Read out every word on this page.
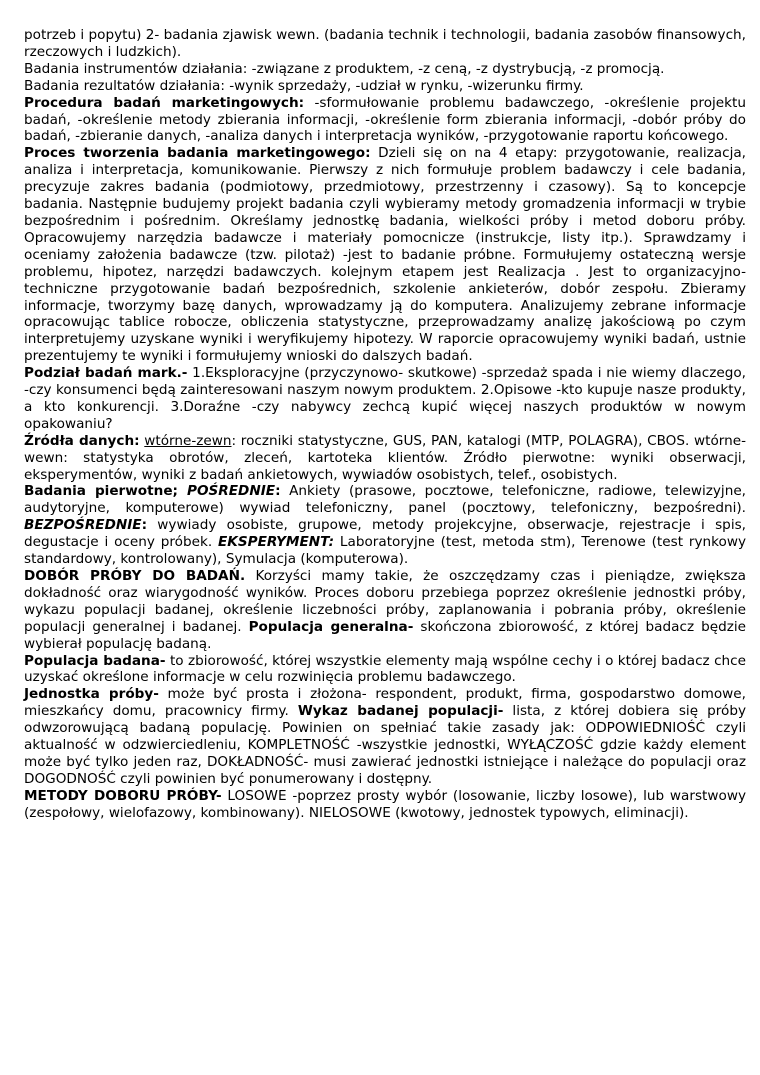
potrzeb i popytu) 2- badania zjawisk wewn. (badania technik i technologii, badania zasobów finansowych, rzeczowych i ludzkich).

Badania instrumentów działania: -związane z produktem, -z ceną, -z dystrybucją, -z promocją.

Badania rezultatów działania: -wynik sprzedaży, -udział w rynku, -wizerunku firmy.

Procedura badań marketingowych: -sformułowanie problemu badawczego, -określenie projektu badań, -określenie metody zbierania informacji, -określenie form zbierania informacji, -dobór próby do badań, -zbieranie danych, -analiza danych i interpretacja wyników, -przygotowanie raportu końcowego.

Proces tworzenia badania marketingowego: Dzieli się on na 4 etapy: przygotowanie, realizacja, analiza i interpretacja, komunikowanie. Pierwszy z nich formułuje problem badawczy i cele badania, precyzuje zakres badania (podmiotowy, przedmiotowy, przestrzenny i czasowy). Są to koncepcje badania. Następnie budujemy projekt badania czyli wybieramy metody gromadzenia informacji w trybie bezpośrednim i pośrednim. Określamy jednostkę badania, wielkości próby i metod doboru próby. Opracowujemy narzędzia badawcze i materiały pomocnicze (instrukcje, listy itp.). Sprawdzamy i oceniamy założenia badawcze (tzw. pilotaż) -jest to badanie próbne. Formułujemy ostateczną wersje problemu, hipotez, narzędzi badawczych. kolejnym etapem jest Realizacja . Jest to organizacyjno-techniczne przygotowanie badań bezpośrednich, szkolenie ankieterów, dobór zespołu. Zbieramy informacje, tworzymy bazę danych, wprowadzamy ją do komputera. Analizujemy zebrane informacje opracowując tablice robocze, obliczenia statystyczne, przeprowadzamy analizę jakościową po czym interpretujemy uzyskane wyniki i weryfikujemy hipotezy. W raporcie opracowujemy wyniki badań, ustnie prezentujemy te wyniki i formułujemy wnioski do dalszych badań.

Podział badań mark.- 1.Eksploracyjne (przyczynowo- skutkowe) -sprzedaż spada i nie wiemy dlaczego, -czy konsumenci będą zainteresowani naszym nowym produktem. 2.Opisowe -kto kupuje nasze produkty, a kto konkurencji. 3.Doraźne -czy nabywcy zechcą kupić więcej naszych produktów w nowym opakowaniu?

Źródła danych: wtórne-zewn: roczniki statystyczne, GUS, PAN, katalogi (MTP, POLAGRA), CBOS. wtórne-wewn: statystyka obrotów, zleceń, kartoteka klientów. Źródło pierwotne: wyniki obserwacji, eksperymentów, wyniki z badań ankietowych, wywiadów osobistych, telef., osobistych.

Badania pierwotne; POŚREDNIE: Ankiety (prasowe, pocztowe, telefoniczne, radiowe, telewizyjne, audytoryjne, komputerowe) wywiad telefoniczny, panel (pocztowy, telefoniczny, bezpośredni). BEZPOŚREDNIE: wywiady osobiste, grupowe, metody projekcyjne, obserwacje, rejestracje i spis, degustacje i oceny próbek. EKSPERYMENT: Laboratoryjne (test, metoda stm), Terenowe (test rynkowy standardowy, kontrolowany), Symulacja (komputerowa).

DOBÓR PRÓBY DO BADAŃ. Korzyści mamy takie, że oszczędzamy czas i pieniądze, zwiększa dokładność oraz wiarygodność wyników. Proces doboru przebiega poprzez określenie jednostki próby, wykazu populacji badanej, określenie liczebności próby, zaplanowania i pobrania próby, określenie populacji generalnej i badanej. Populacja generalna- skończona zbiorowość, z której badacz będzie wybierał populację badaną.

Populacja badana- to zbiorowość, której wszystkie elementy mają wspólne cechy i o której badacz chce uzyskać określone informacje w celu rozwinięcia problemu badawczego.

Jednostka próby- może być prosta i złożona- respondent, produkt, firma, gospodarstwo domowe, mieszkańcy domu, pracownicy firmy. Wykaz badanej populacji- lista, z której dobiera się próby odwzorowującą badaną populację. Powinien on spełniać takie zasady jak: ODPOWIEDNIOŚĆ czyli aktualność w odzwierciedleniu, KOMPLETNOŚĆ -wszystkie jednostki, WYŁĄCZOŚĆ gdzie każdy element może być tylko jeden raz, DOKŁADNOŚĆ- musi zawierać jednostki istniejące i należące do populacji oraz DOGODNOŚĆ czyli powinien być ponumerowany i dostępny.

METODY DOBORU PRÓBY- LOSOWE -poprzez prosty wybór (losowanie, liczby losowe), lub warstwowy (zespołowy, wielofazowy, kombinowany). NIELOSOWE (kwotowy, jednostek typowych, eliminacji).
